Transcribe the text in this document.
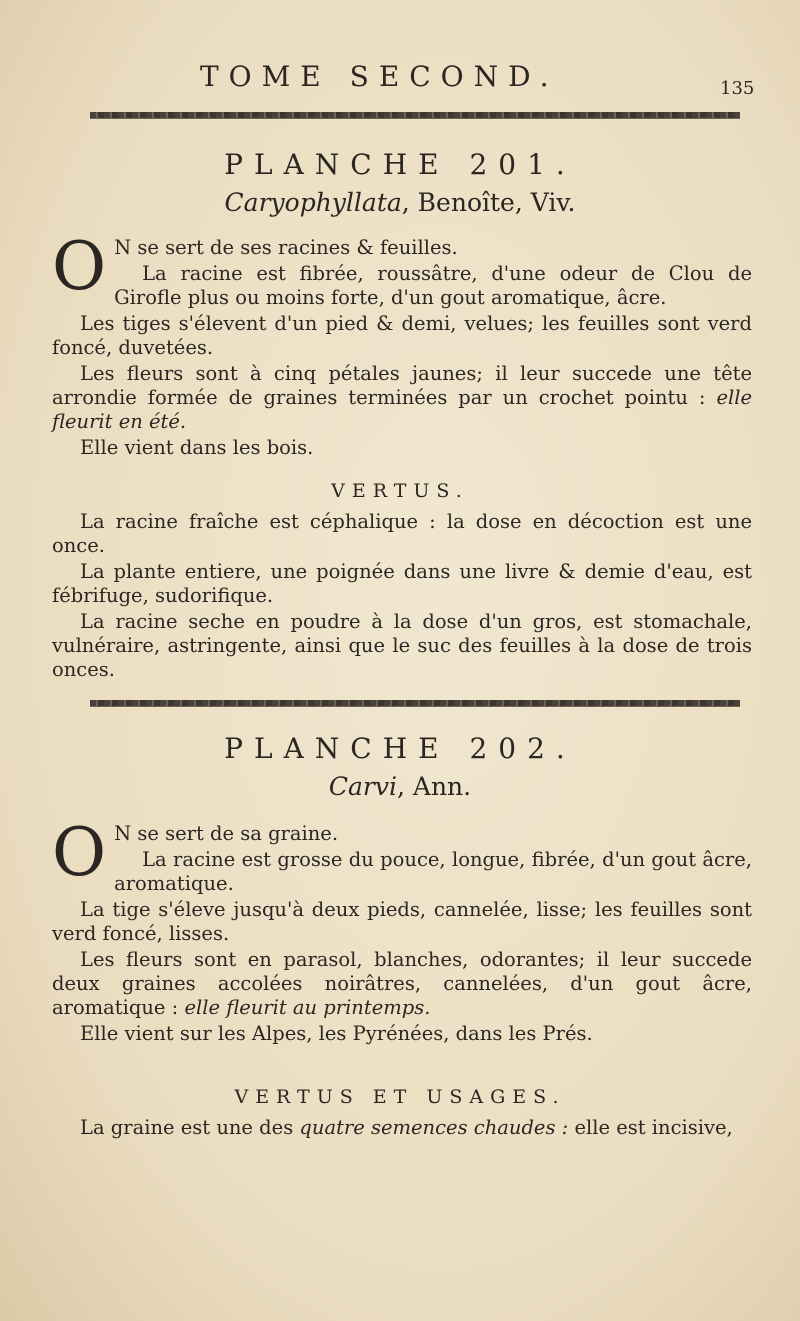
TOME SECOND.	135
PLANCHE 201.
Caryophyllata, Benoîte, Viv.

O N se sert de ses racines & feuilles.

La racine est fibrée, roussâtre, d'une odeur de Clou de Girofle plus ou moins forte, d'un gout aromatique, âcre.

Les tiges s'élevent d'un pied & demi, velues; les feuilles sont verd foncé, duvetées.

Les fleurs sont à cinq pétales jaunes; il leur succede une tête arrondie formée de graines terminées par un crochet pointu : elle fleurit en été.

Elle vient dans les bois.

VERTUS.

La racine fraîche est céphalique : la dose en décoction est une once.

La plante entiere, une poignée dans une livre & demie d'eau, est fébrifuge, sudorifique.

La racine seche en poudre à la dose d'un gros, est stomachale, vulnéraire, astringente, ainsi que le suc des feuilles à la dose de trois onces.

PLANCHE 202.
Carvi, Ann.

O N se sert de sa graine.

La racine est grosse du pouce, longue, fibrée, d'un gout âcre, aromatique.

La tige s'éleve jusqu'à deux pieds, cannelée, lisse; les feuilles sont verd foncé, lisses.

Les fleurs sont en parasol, blanches, odorantes; il leur succede deux graines accolées noirâtres, cannelées, d'un gout âcre, aromatique : elle fleurit au printemps.

Elle vient sur les Alpes, les Pyrénées, dans les Prés.

VERTUS ET USAGES.

La graine est une des quatre semences chaudes : elle est incisive,
